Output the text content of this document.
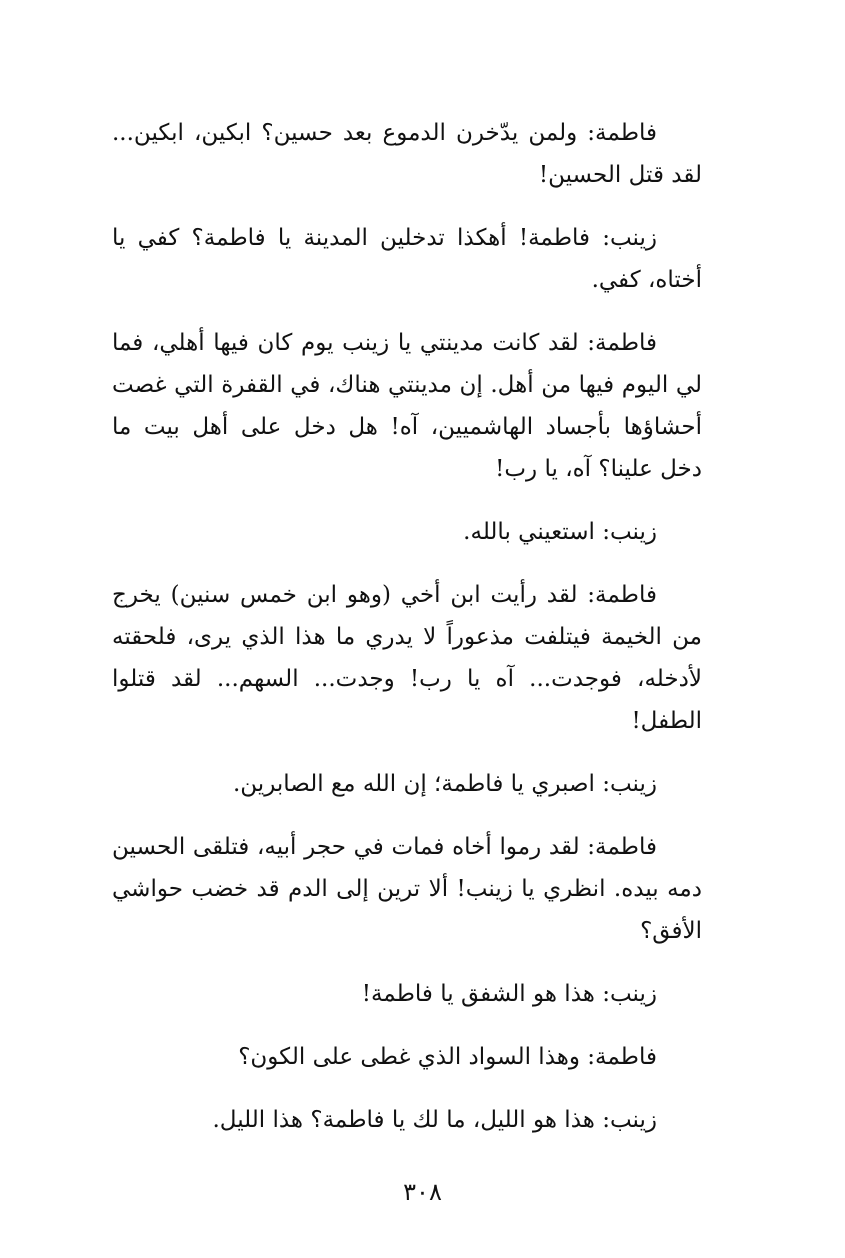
فاطمة: ولمن يدّخرن الدموع بعد حسين؟ ابكين، ابكين... لقد قتل الحسين!

زينب: فاطمة! أهكذا تدخلين المدينة يا فاطمة؟ كفي يا أختاه، كفي.

فاطمة: لقد كانت مدينتي يا زينب يوم كان فيها أهلي، فما لي اليوم فيها من أهل. إن مدينتي هناك، في القفرة التي غصت أحشاؤها بأجساد الهاشميين، آه! هل دخل على أهل بيت ما دخل علينا؟ آه، يا رب!

زينب: استعيني بالله.

فاطمة: لقد رأيت ابن أخي (وهو ابن خمس سنين) يخرج من الخيمة فيتلفت مذعوراً لا يدري ما هذا الذي يرى، فلحقته لأدخله، فوجدت... آه يا رب! وجدت... السهم... لقد قتلوا الطفل!

زينب: اصبري يا فاطمة؛ إن الله مع الصابرين.

فاطمة: لقد رموا أخاه فمات في حجر أبيه، فتلقى الحسين دمه بيده. انظري يا زينب! ألا ترين إلى الدم قد خضب حواشي الأفق؟

زينب: هذا هو الشفق يا فاطمة!

فاطمة: وهذا السواد الذي غطى على الكون؟

زينب: هذا هو الليل، ما لك يا فاطمة؟ هذا الليل.

٣٠٨
